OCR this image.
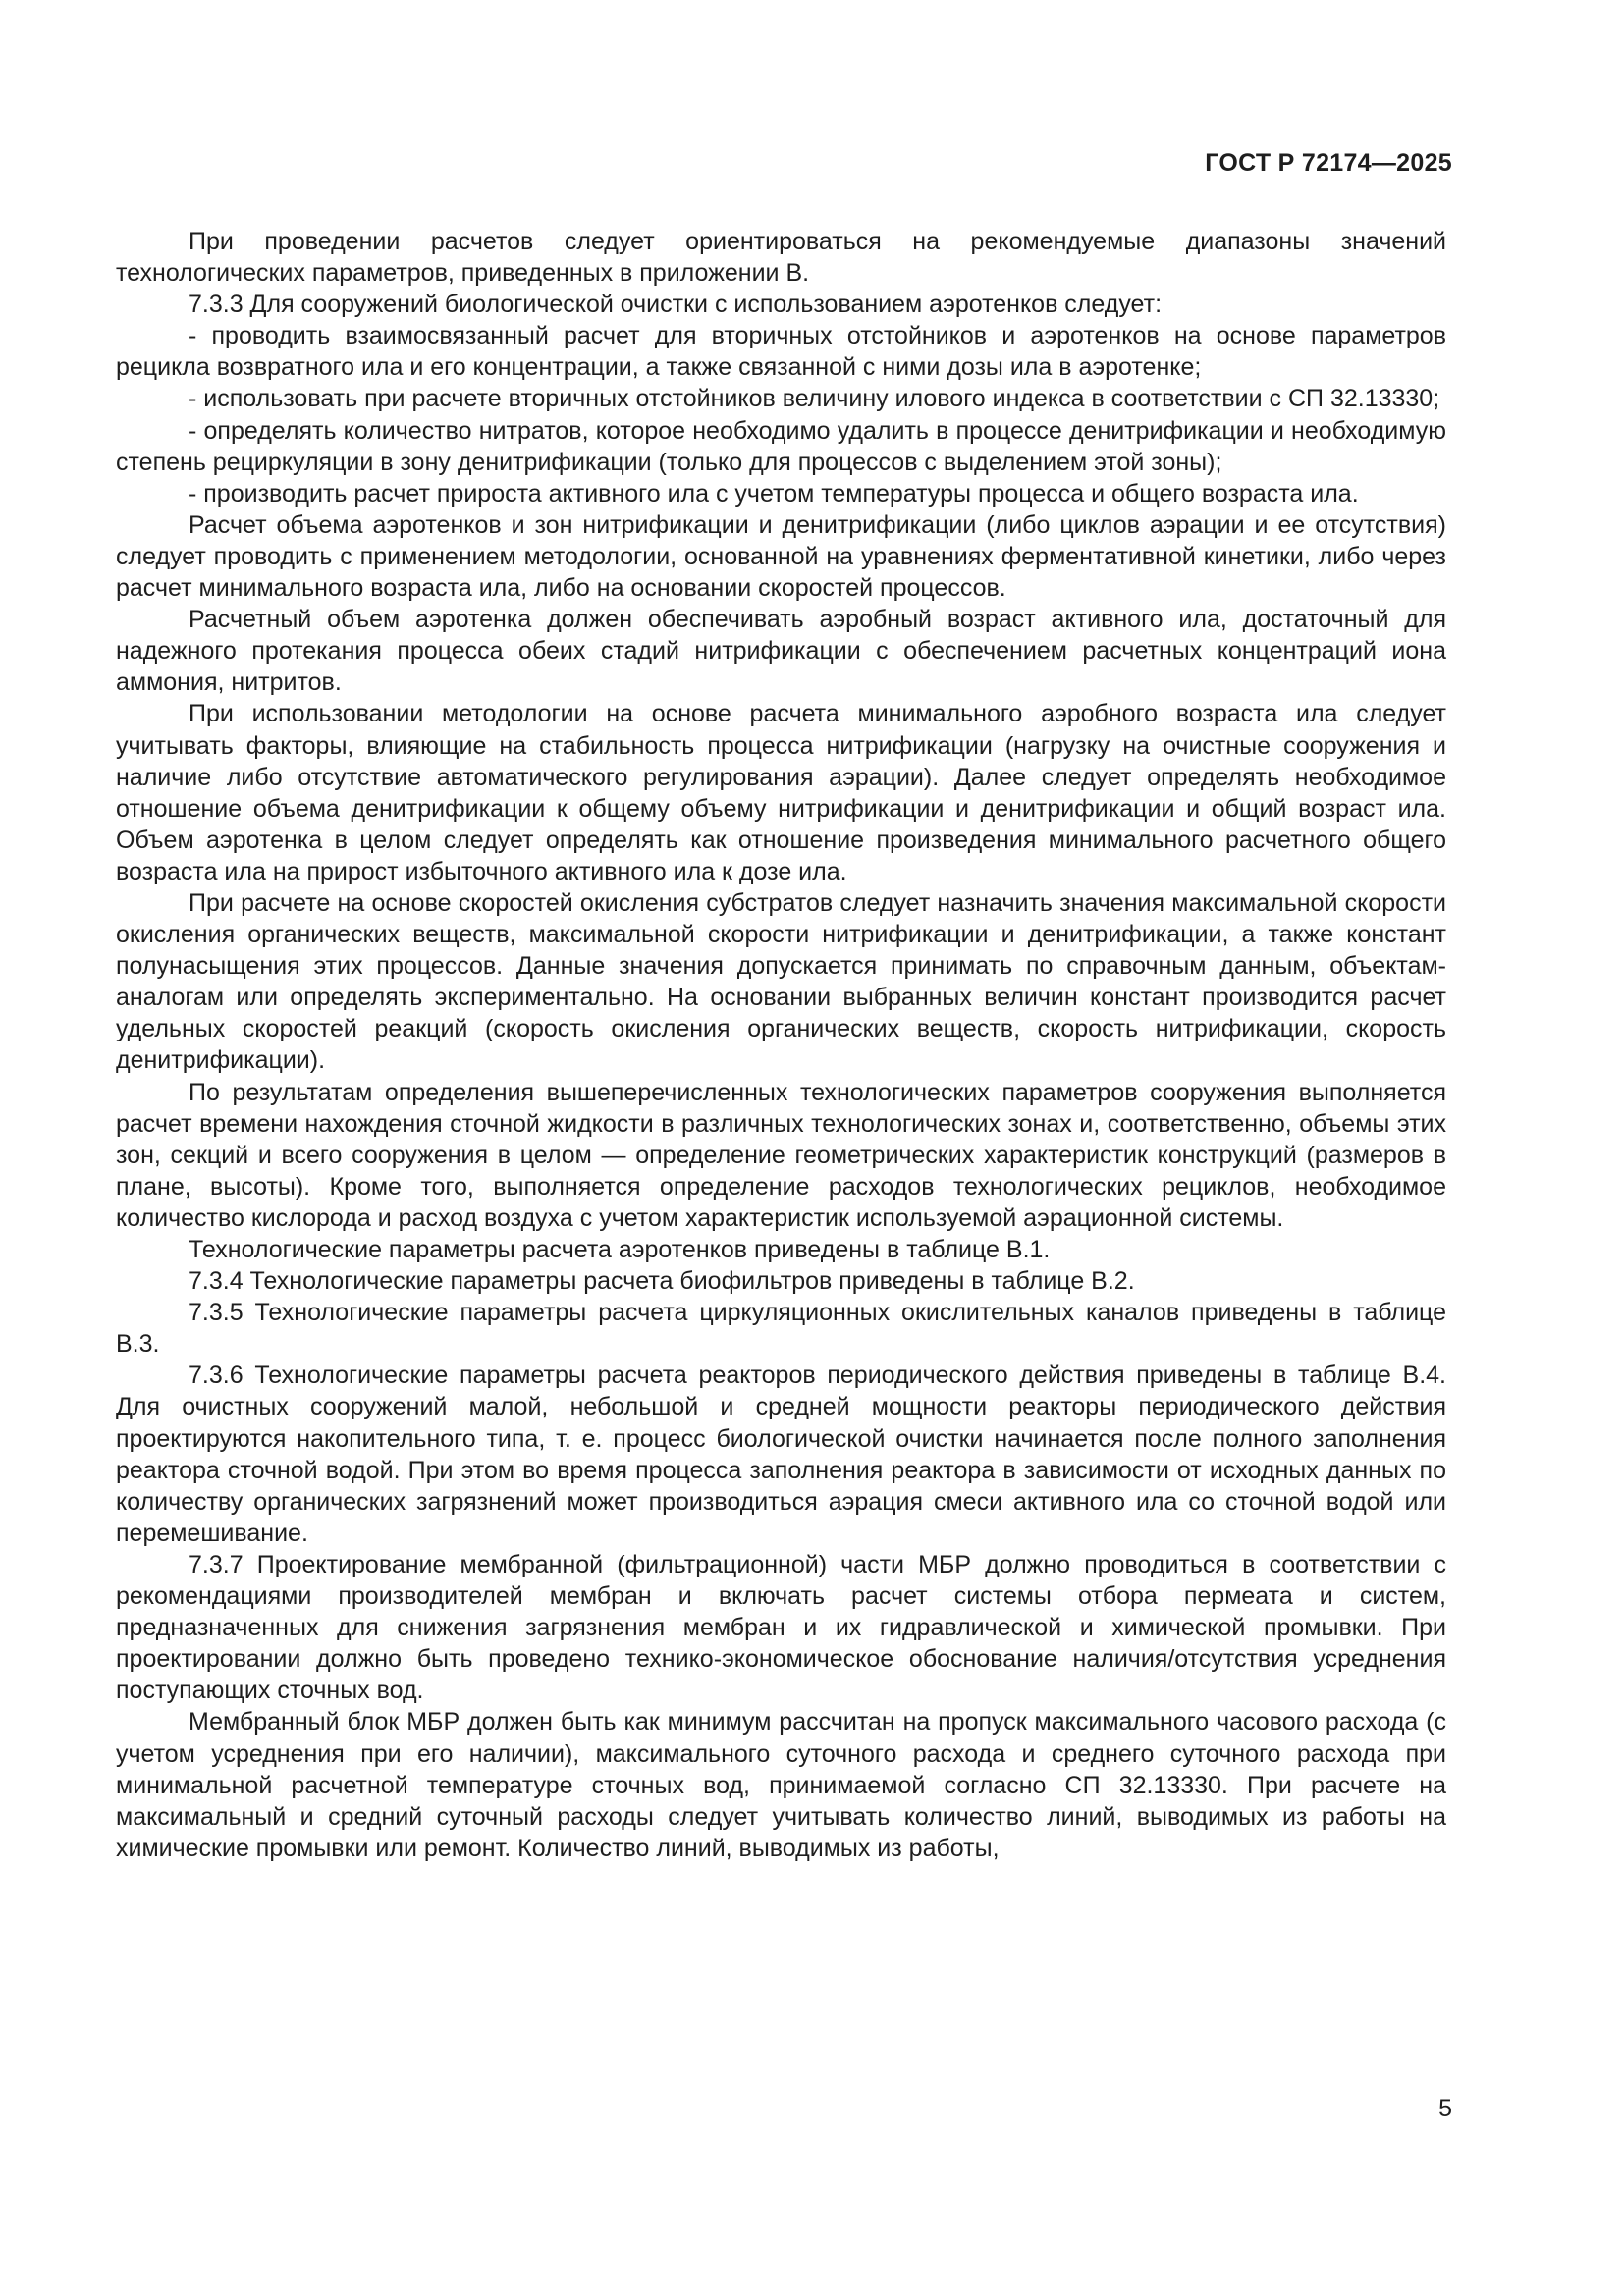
ГОСТ Р 72174—2025

При проведении расчетов следует ориентироваться на рекомендуемые диапазоны значений технологических параметров, приведенных в приложении В.

7.3.3 Для сооружений биологической очистки с использованием аэротенков следует:

- проводить взаимосвязанный расчет для вторичных отстойников и аэротенков на основе параметров рецикла возвратного ила и его концентрации, а также связанной с ними дозы ила в аэротенке;

- использовать при расчете вторичных отстойников величину илового индекса в соответствии с СП 32.13330;

- определять количество нитратов, которое необходимо удалить в процессе денитрификации и необходимую степень рециркуляции в зону денитрификации (только для процессов с выделением этой зоны);

- производить расчет прироста активного ила с учетом температуры процесса и общего возраста ила.

Расчет объема аэротенков и зон нитрификации и денитрификации (либо циклов аэрации и ее отсутствия) следует проводить с применением методологии, основанной на уравнениях ферментативной кинетики, либо через расчет минимального возраста ила, либо на основании скоростей процессов.

Расчетный объем аэротенка должен обеспечивать аэробный возраст активного ила, достаточный для надежного протекания процесса обеих стадий нитрификации с обеспечением расчетных концентраций иона аммония, нитритов.

При использовании методологии на основе расчета минимального аэробного возраста ила следует учитывать факторы, влияющие на стабильность процесса нитрификации (нагрузку на очистные сооружения и наличие либо отсутствие автоматического регулирования аэрации). Далее следует определять необходимое отношение объема денитрификации к общему объему нитрификации и денитрификации и общий возраст ила. Объем аэротенка в целом следует определять как отношение произведения минимального расчетного общего возраста ила на прирост избыточного активного ила к дозе ила.

При расчете на основе скоростей окисления субстратов следует назначить значения максимальной скорости окисления органических веществ, максимальной скорости нитрификации и денитрификации, а также констант полунасыщения этих процессов. Данные значения допускается принимать по справочным данным, объектам-аналогам или определять экспериментально. На основании выбранных величин констант производится расчет удельных скоростей реакций (скорость окисления органических веществ, скорость нитрификации, скорость денитрификации).

По результатам определения вышеперечисленных технологических параметров сооружения выполняется расчет времени нахождения сточной жидкости в различных технологических зонах и, соответственно, объемы этих зон, секций и всего сооружения в целом — определение геометрических характеристик конструкций (размеров в плане, высоты). Кроме того, выполняется определение расходов технологических рециклов, необходимое количество кислорода и расход воздуха с учетом характеристик используемой аэрационной системы.

Технологические параметры расчета аэротенков приведены в таблице В.1.

7.3.4 Технологические параметры расчета биофильтров приведены в таблице В.2.

7.3.5 Технологические параметры расчета циркуляционных окислительных каналов приведены в таблице В.3.

7.3.6 Технологические параметры расчета реакторов периодического действия приведены в таблице В.4. Для очистных сооружений малой, небольшой и средней мощности реакторы периодического действия проектируются накопительного типа, т. е. процесс биологической очистки начинается после полного заполнения реактора сточной водой. При этом во время процесса заполнения реактора в зависимости от исходных данных по количеству органических загрязнений может производиться аэрация смеси активного ила со сточной водой или перемешивание.

7.3.7 Проектирование мембранной (фильтрационной) части МБР должно проводиться в соответствии с рекомендациями производителей мембран и включать расчет системы отбора пермеата и систем, предназначенных для снижения загрязнения мембран и их гидравлической и химической промывки. При проектировании должно быть проведено технико-экономическое обоснование наличия/отсутствия усреднения поступающих сточных вод.

Мембранный блок МБР должен быть как минимум рассчитан на пропуск максимального часового расхода (с учетом усреднения при его наличии), максимального суточного расхода и среднего суточного расхода при минимальной расчетной температуре сточных вод, принимаемой согласно СП 32.13330. При расчете на максимальный и средний суточный расходы следует учитывать количество линий, выводимых из работы на химические промывки или ремонт. Количество линий, выводимых из работы,

5
